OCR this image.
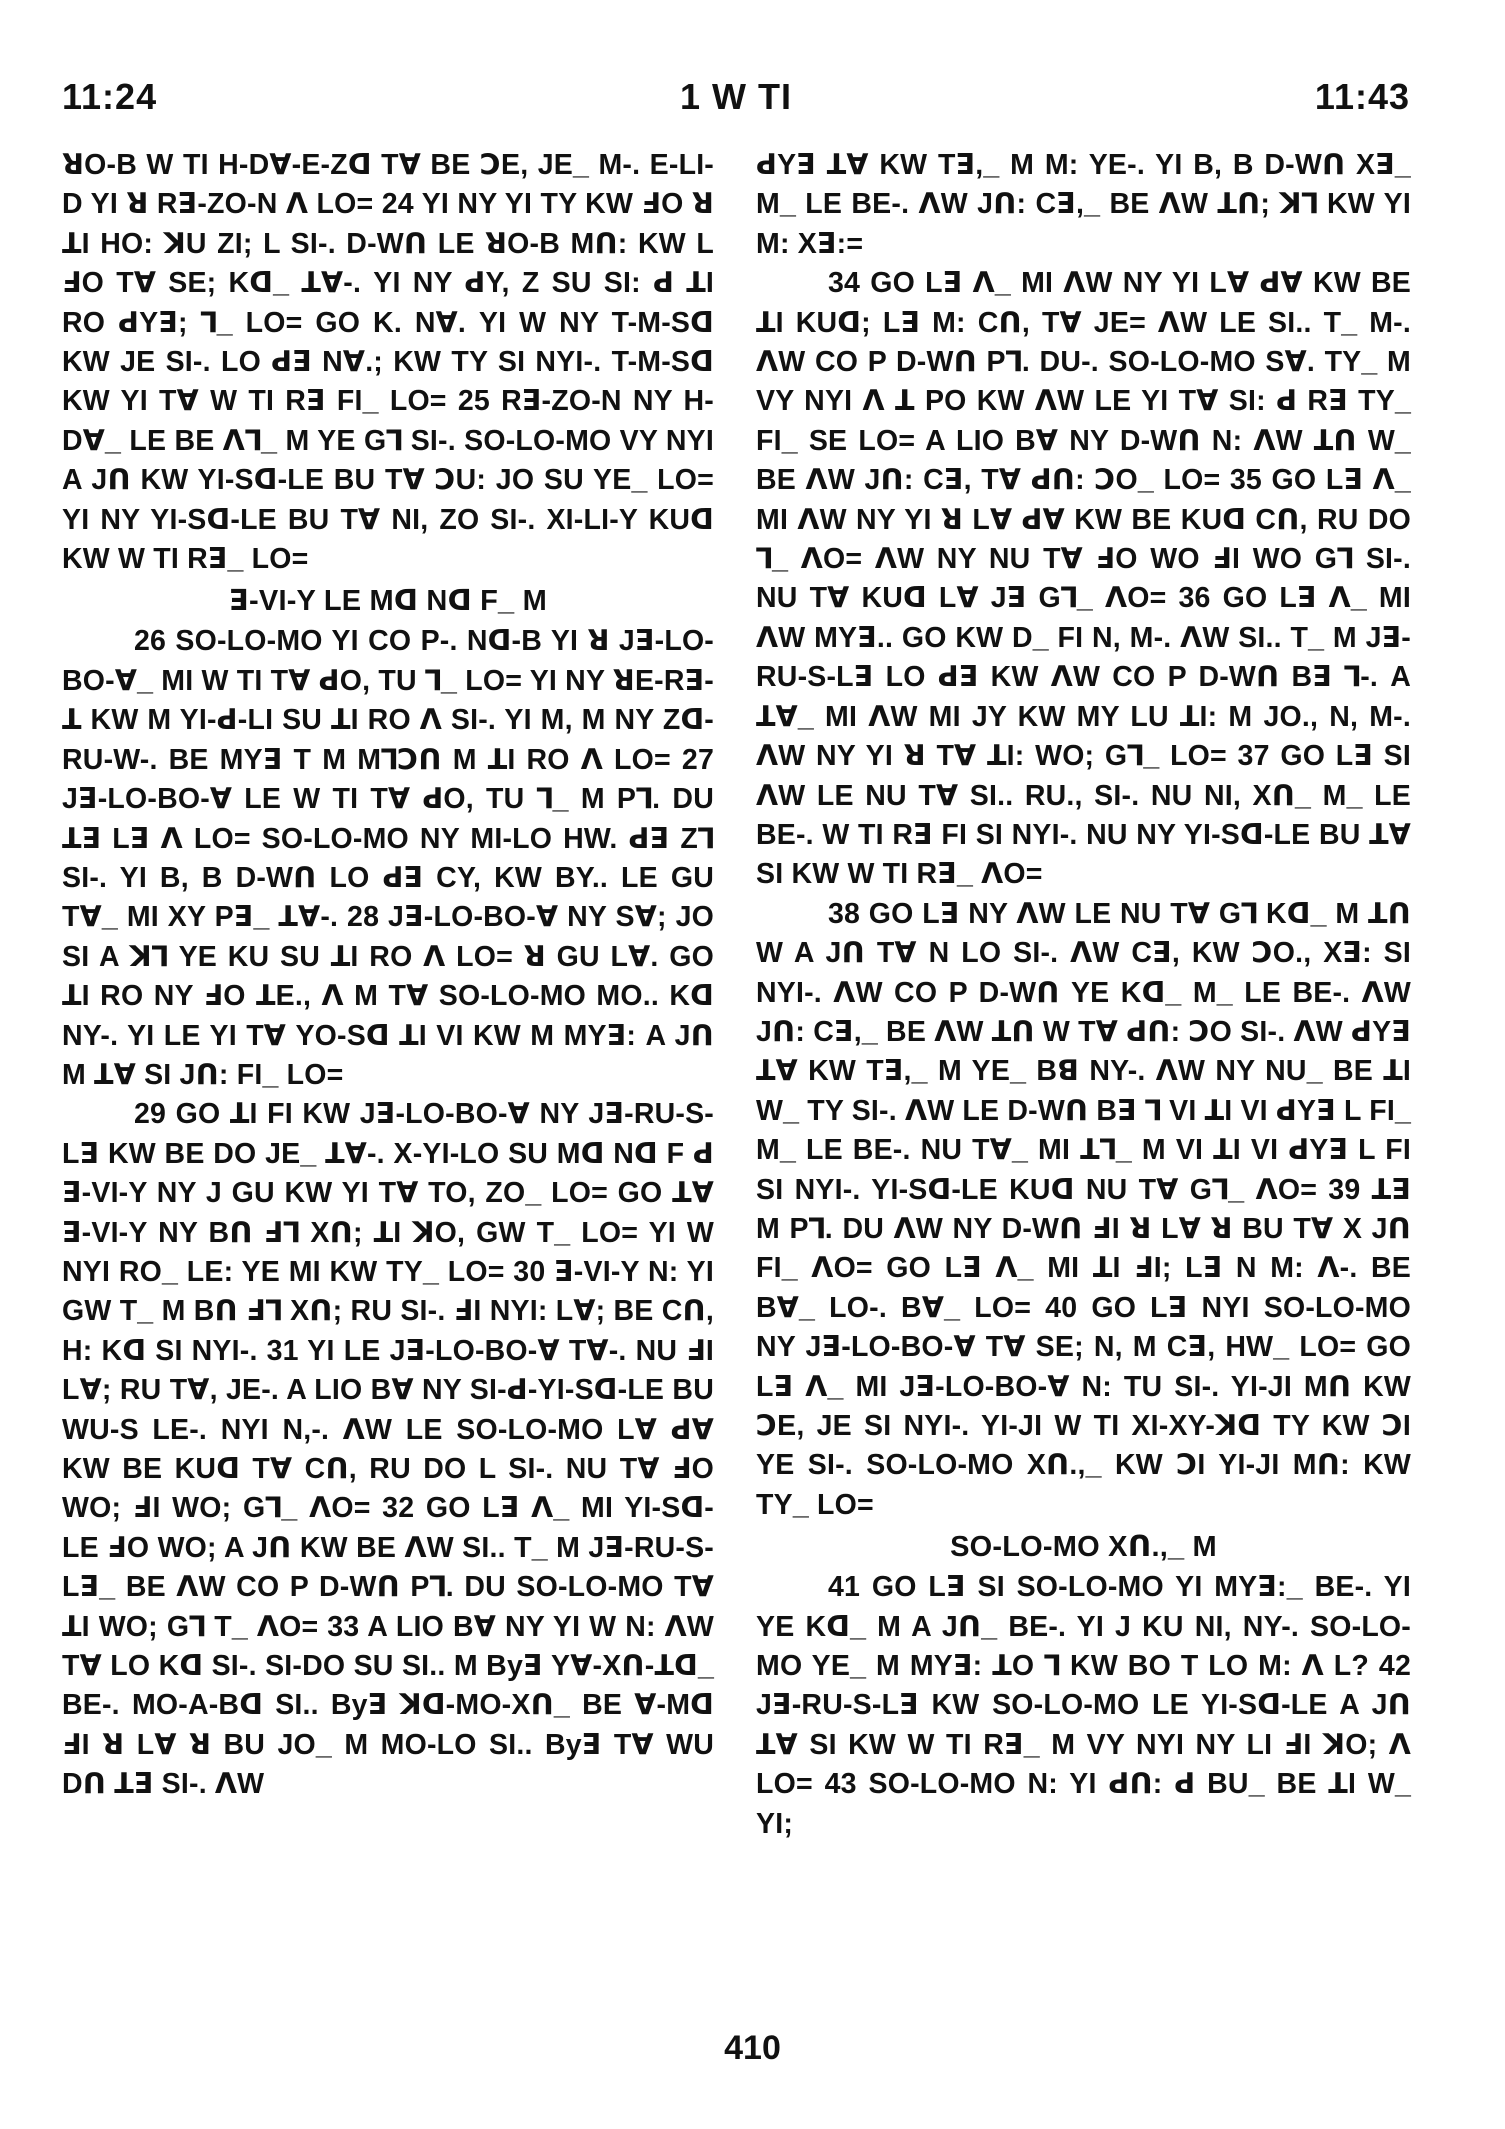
11:24	1 W TI	11:43

ꓤO-B W TI H-Dꓯ-E-Zꓷ Tꓯ BE ꓛE, JE_ M-. E-LI-D YI ꓤ Rꓱ-ZO-N ꓥ LO= 24 YI NY YI TY KW ꓞO ꓤ ꓕI HO: ꓘU ZI; L SI-. D-Wꓵ LE ꓤO-B Mꓵ: KW L ꓞO Tꓯ SE; Kꓷ_ ꓕꓯ-. YI NY ꓒY, Z SU SI: ꓒ ꓕI RO ꓒYꓱ; ꓶ_ LO= GO K. Nꓯ. YI W NY T-M-Sꓷ KW JE SI-. LO ꓒꓱ Nꓯ.; KW TY SI NYI-. T-M-Sꓷ KW YI Tꓯ W TI Rꓱ FI_ LO= 25 Rꓱ-ZO-N NY H-Dꓯ_ LE BE ꓥꓶ_ M YE Gꓶ SI-. SO-LO-MO VY NYI A Jꓵ KW YI-Sꓷ-LE BU Tꓯ ꓛU: JO SU YE_ LO= YI NY YI-Sꓷ-LE BU Tꓯ NI, ZO SI-. XI-LI-Y KUꓷ KW W TI Rꓱ_ LO=

ꓱ-VI-Y LE Mꓷ Nꓷ F_ M

26 SO-LO-MO YI CO P-. Nꓷ-B YI ꓤ Jꓱ-LO-BO-ꓯ_ MI W TI Tꓯ ꓒO, TU ꓶ_ LO= YI NY ꓤE-Rꓱ-ꓕ KW M YI-ꓒ-LI SU ꓕI RO ꓥ SI-. YI M, M NY Zꓷ-RU-W-. BE MYꓱ T M Mꓶꓛꓵ M ꓕI RO ꓥ LO= 27 Jꓱ-LO-BO-ꓯ LE W TI Tꓯ ꓒO, TU ꓶ_ M Pꓶ. DU ꓕꓱ Lꓱ ꓥ LO= SO-LO-MO NY MI-LO HW. ꓒꓱ Zꓶ SI-. YI B, B D-Wꓵ LO ꓒꓱ CY, KW BY.. LE GU Tꓯ_ MI XY Pꓱ_ ꓕꓯ-. 28 Jꓱ-LO-BO-ꓯ NY Sꓯ; JO SI A ꓘꓶ YE KU SU ꓕI RO ꓥ LO= ꓤ GU Lꓯ. GO ꓕI RO NY ꓞO ꓕE., ꓥ M Tꓯ SO-LO-MO MO.. Kꓷ NY-. YI LE YI Tꓯ YO-Sꓷ ꓕI VI KW M MYꓱ: A Jꓵ M ꓕꓯ SI Jꓵ: FI_ LO=

29 GO ꓕI FI KW Jꓱ-LO-BO-ꓯ NY Jꓱ-RU-S-Lꓱ KW BE DO JE_ ꓕꓯ-. X-YI-LO SU Mꓷ Nꓷ F ꓒ ꓱ-VI-Y NY J GU KW YI Tꓯ TO, ZO_ LO= GO ꓕꓯ ꓱ-VI-Y NY Bꓵ ꓞꓶ Xꓵ; ꓕI ꓘO, GW T_ LO= YI W NYI RO_ LE: YE MI KW TY_ LO= 30 ꓱ-VI-Y N: YI GW T_ M Bꓵ ꓞꓶ Xꓵ; RU SI-. ꓞI NYI: Lꓯ; BE Cꓵ, H: Kꓷ SI NYI-. 31 YI LE Jꓱ-LO-BO-ꓯ Tꓯ-. NU ꓞI Lꓯ; RU Tꓯ, JE-. A LIO Bꓯ NY SI-ꓒ-YI-Sꓷ-LE BU WU-S LE-. NYI N,-. ꓥW LE SO-LO-MO Lꓯ ꓒꓯ KW BE KUꓷ Tꓯ Cꓵ, RU DO L SI-. NU Tꓯ ꓞO WO; ꓞI WO; Gꓶ_ ꓥO= 32 GO Lꓱ ꓥ_ MI YI-Sꓷ-LE ꓞO WO; A Jꓵ KW BE ꓥW SI.. T_ M Jꓱ-RU-S-Lꓱ_ BE ꓥW CO P D-Wꓵ Pꓶ. DU SO-LO-MO Tꓯ ꓕI WO; Gꓶ T_ ꓥO= 33 A LIO Bꓯ NY YI W N: ꓥW Tꓯ LO Kꓷ SI-. SI-DO SU SI.. M Byꓱ Yꓯ-Xꓵ-ꓕꓷ_ BE-. MO-A-Bꓷ SI.. Byꓱ ꓘꓷ-MO-Xꓵ_ BE ꓯ-Mꓷ ꓞI ꓤ Lꓯ ꓤ BU JO_ M MO-LO SI.. Byꓱ Tꓯ WU Dꓵ ꓕꓱ SI-. ꓥW

ꓒYꓱ ꓕꓯ KW Tꓱ,_ M M: YE-. YI B, B D-Wꓵ Xꓱ_ M_ LE BE-. ꓥW Jꓵ: Cꓱ,_ BE ꓥW ꓕꓵ; ꓘꓶ KW YI M: Xꓱ:=

34 GO Lꓱ ꓥ_ MI ꓥW NY YI Lꓯ ꓒꓯ KW BE ꓕI KUꓷ; Lꓱ M: Cꓵ, Tꓯ JE= ꓥW LE SI.. T_ M-. ꓥW CO P D-Wꓵ Pꓶ. DU-. SO-LO-MO Sꓯ. TY_ M VY NYI ꓥ ꓕ PO KW ꓥW LE YI Tꓯ SI: ꓒ Rꓱ TY_ FI_ SE LO= A LIO Bꓯ NY D-Wꓵ N: ꓥW ꓕꓵ W_ BE ꓥW Jꓵ: Cꓱ, Tꓯ ꓒꓵ: ꓛO_ LO= 35 GO Lꓱ ꓥ_ MI ꓥW NY YI ꓤ Lꓯ ꓒꓯ KW BE KUꓷ Cꓵ, RU DO ꓶ_ ꓥO= ꓥW NY NU Tꓯ ꓞO WO ꓞI WO Gꓶ SI-. NU Tꓯ KUꓷ Lꓯ Jꓱ Gꓶ_ ꓥO= 36 GO Lꓱ ꓥ_ MI ꓥW MYꓱ.. GO KW D_ FI N, M-. ꓥW SI.. T_ M Jꓱ-RU-S-Lꓱ LO ꓒꓱ KW ꓥW CO P D-Wꓵ Bꓱ ꓶ-. A ꓕꓯ_ MI ꓥW MI JY KW MY LU ꓕI: M JO., N, M-. ꓥW NY YI ꓤ Tꓯ ꓕI: WO; Gꓶ_ LO= 37 GO Lꓱ SI ꓥW LE NU Tꓯ SI.. RU., SI-. NU NI, Xꓵ_ M_ LE BE-. W TI Rꓱ FI SI NYI-. NU NY YI-Sꓷ-LE BU ꓕꓯ SI KW W TI Rꓱ_ ꓥO=

38 GO Lꓱ NY ꓥW LE NU Tꓯ Gꓶ Kꓷ_ M ꓕꓵ W A Jꓵ Tꓯ N LO SI-. ꓥW Cꓱ, KW ꓛO., Xꓱ: SI NYI-. ꓥW CO P D-Wꓵ YE Kꓷ_ M_ LE BE-. ꓥW Jꓵ: Cꓱ,_ BE ꓥW ꓕꓵ W Tꓯ ꓒꓵ: ꓛO SI-. ꓥW ꓒYꓱ ꓕꓯ KW Tꓱ,_ M YE_ Bꓭ NY-. ꓥW NY NU_ BE ꓕI W_ TY SI-. ꓥW LE D-Wꓵ Bꓱ ꓶ VI ꓕI VI ꓒYꓱ L FI_ M_ LE BE-. NU Tꓯ_ MI ꓕꓶ_ M VI ꓕI VI ꓒYꓱ L FI SI NYI-. YI-Sꓷ-LE KUꓷ NU Tꓯ Gꓶ_ ꓥO= 39 ꓕꓱ M Pꓶ. DU ꓥW NY D-Wꓵ ꓞI ꓤ Lꓯ ꓤ BU Tꓯ X Jꓵ FI_ ꓥO= GO Lꓱ ꓥ_ MI ꓕI ꓞI; Lꓱ N M: ꓥ-. BE Bꓯ_ LO-. Bꓯ_ LO= 40 GO Lꓱ NYI SO-LO-MO NY Jꓱ-LO-BO-ꓯ Tꓯ SE; N, M Cꓱ, HW_ LO= GO Lꓱ ꓥ_ MI Jꓱ-LO-BO-ꓯ N: TU SI-. YI-JI Mꓵ KW ꓛE, JE SI NYI-. YI-JI W TI XI-XY-ꓘꓷ TY KW ꓛI YE SI-. SO-LO-MO Xꓵ.,_ KW ꓛI YI-JI Mꓵ: KW TY_ LO=

SO-LO-MO Xꓵ.,_ M

41 GO Lꓱ SI SO-LO-MO YI MYꓱ:_ BE-. YI YE Kꓷ_ M A Jꓵ_ BE-. YI J KU NI, NY-. SO-LO-MO YE_ M MYꓱ: ꓕO ꓶ KW BO T LO M: ꓥ L? 42 Jꓱ-RU-S-Lꓱ KW SO-LO-MO LE YI-Sꓷ-LE A Jꓵ ꓕꓯ SI KW W TI Rꓱ_ M VY NYI NY LI ꓞI ꓘO; ꓥ LO= 43 SO-LO-MO N: YI ꓒꓵ: ꓒ BU_ BE ꓕI W_ YI;

410
